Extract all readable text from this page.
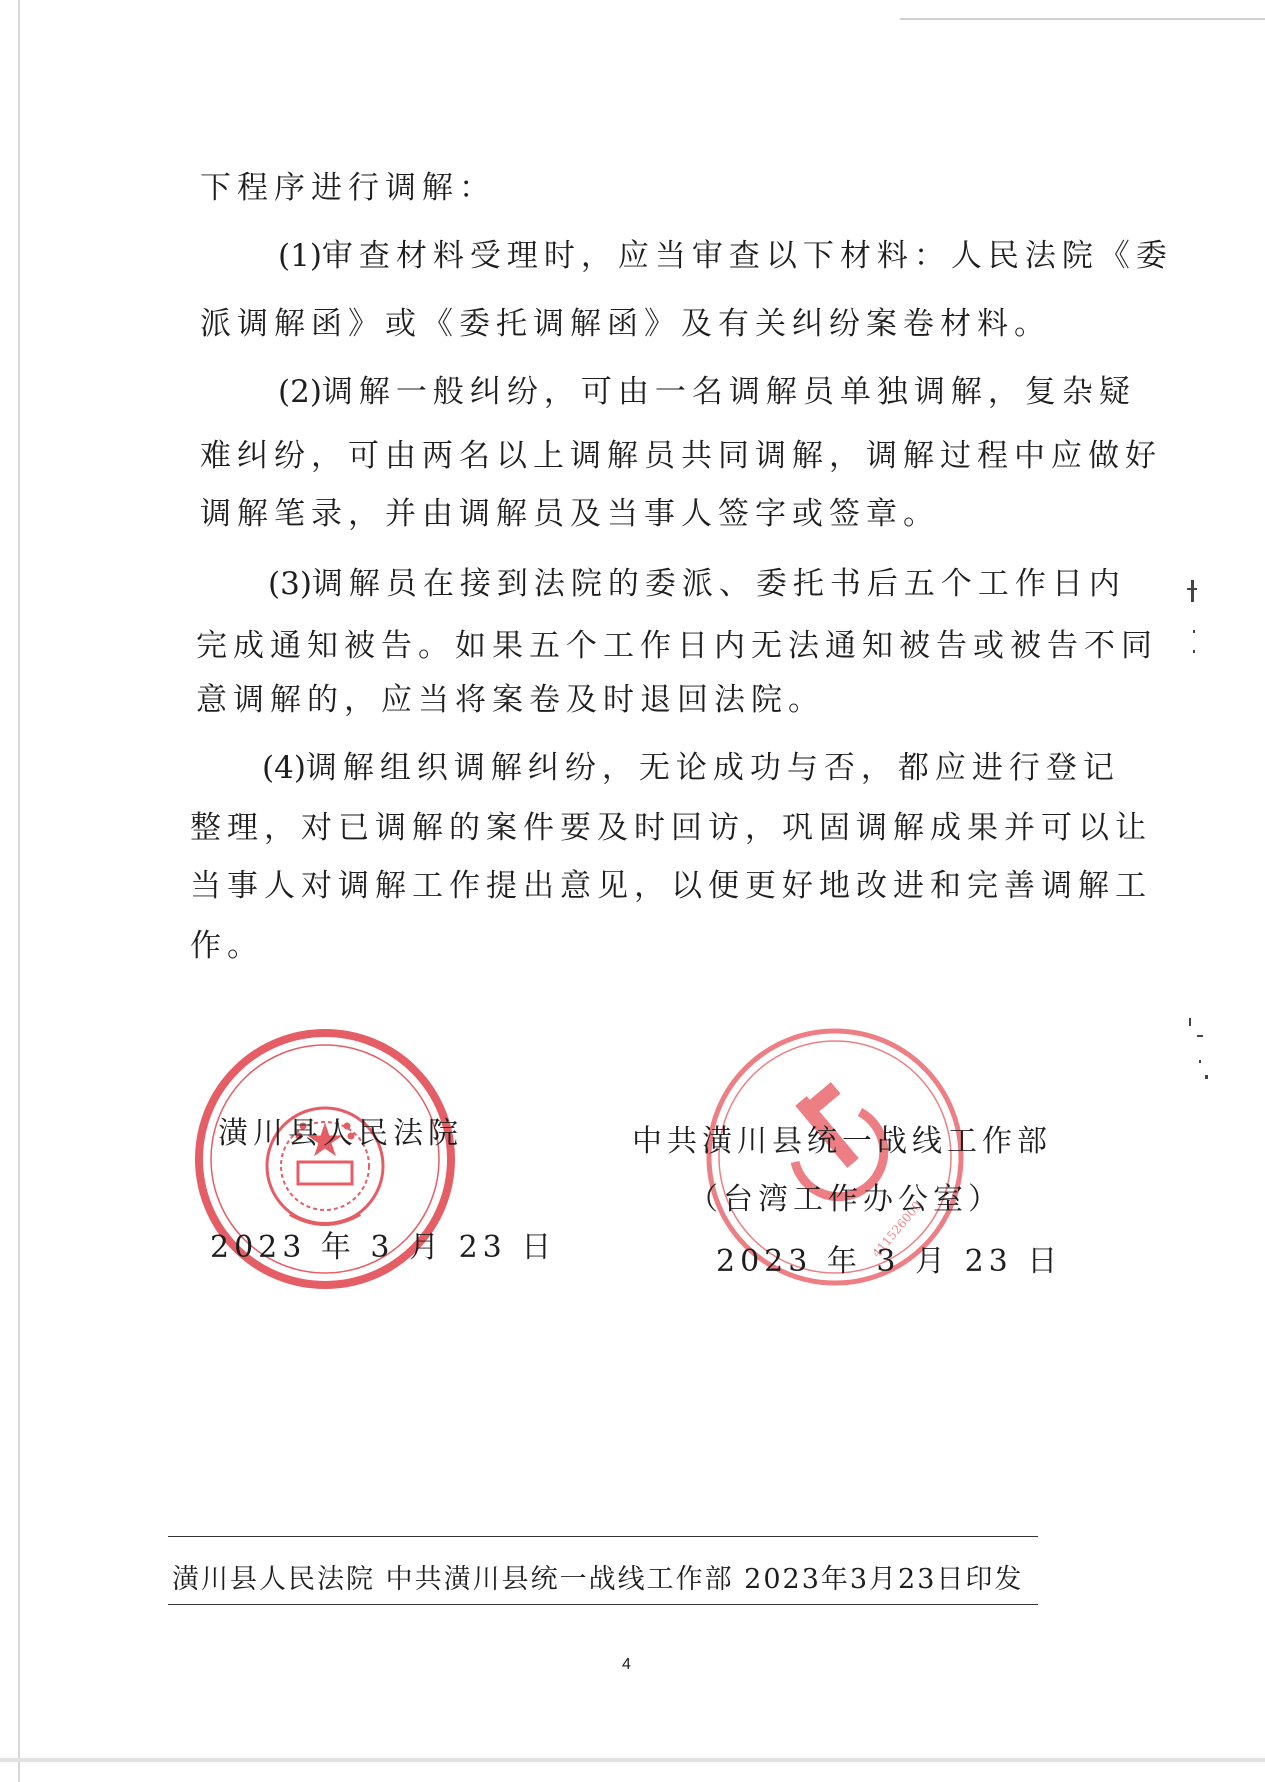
下程序进行调解：
(1)审查材料受理时，应当审查以下材料：人民法院《委
派调解函》或《委托调解函》及有关纠纷案卷材料。
(2)调解一般纠纷，可由一名调解员单独调解，复杂疑
难纠纷，可由两名以上调解员共同调解，调解过程中应做好
调解笔录，并由调解员及当事人签字或签章。
(3)调解员在接到法院的委派、委托书后五个工作日内
完成通知被告。如果五个工作日内无法通知被告或被告不同
意调解的，应当将案卷及时退回法院。
(4)调解组织调解纠纷，无论成功与否，都应进行登记
整理，对已调解的案件要及时回访，巩固调解成果并可以让
当事人对调解工作提出意见，以便更好地改进和完善调解工
作。
411526000
潢川县人民法院
2023 年 3 月 23 日
中共潢川县统一战线工作部
（台湾工作办公室）
2023 年 3 月 23 日
潢川县人民法院 中共潢川县统一战线工作部 2023年3月23日印发
4
